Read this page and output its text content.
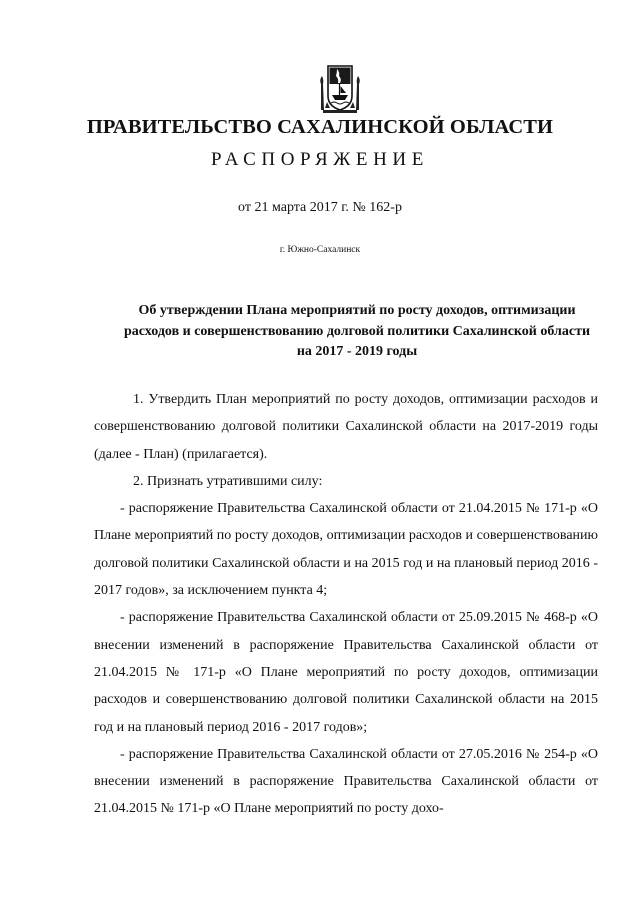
ПРАВИТЕЛЬСТВО САХАЛИНСКОЙ ОБЛАСТИ
РАСПОРЯЖЕНИЕ
от 21 марта 2017 г. № 162-р
г. Южно-Сахалинск
Об утверждении Плана мероприятий по росту доходов, оптимизации расходов и совершенствованию долговой политики Сахалинской области на 2017 - 2019 годы

1. Утвердить План мероприятий по росту доходов, оптимизации расходов и совершенствованию долговой политики Сахалинской области на 2017-2019 годы (далее - План) (прилагается).

2. Признать утратившими силу:

- распоряжение Правительства Сахалинской области от 21.04.2015 № 171-р «О Плане мероприятий по росту доходов, оптимизации расходов и совершенствованию долговой политики Сахалинской области и на 2015 год и на плановый период 2016 - 2017 годов», за исключением пункта 4;

- распоряжение Правительства Сахалинской области от 25.09.2015 № 468-р «О внесении изменений в распоряжение Правительства Сахалинской области от 21.04.2015 № 171-р «О Плане мероприятий по росту доходов, оптимизации расходов и совершенствованию долговой политики Сахалинской области на 2015 год и на плановый период 2016 - 2017 годов»;

- распоряжение Правительства Сахалинской области от 27.05.2016 № 254-р «О внесении изменений в распоряжение Правительства Сахалинской области от 21.04.2015 № 171-р «О Плане мероприятий по росту дохо-
